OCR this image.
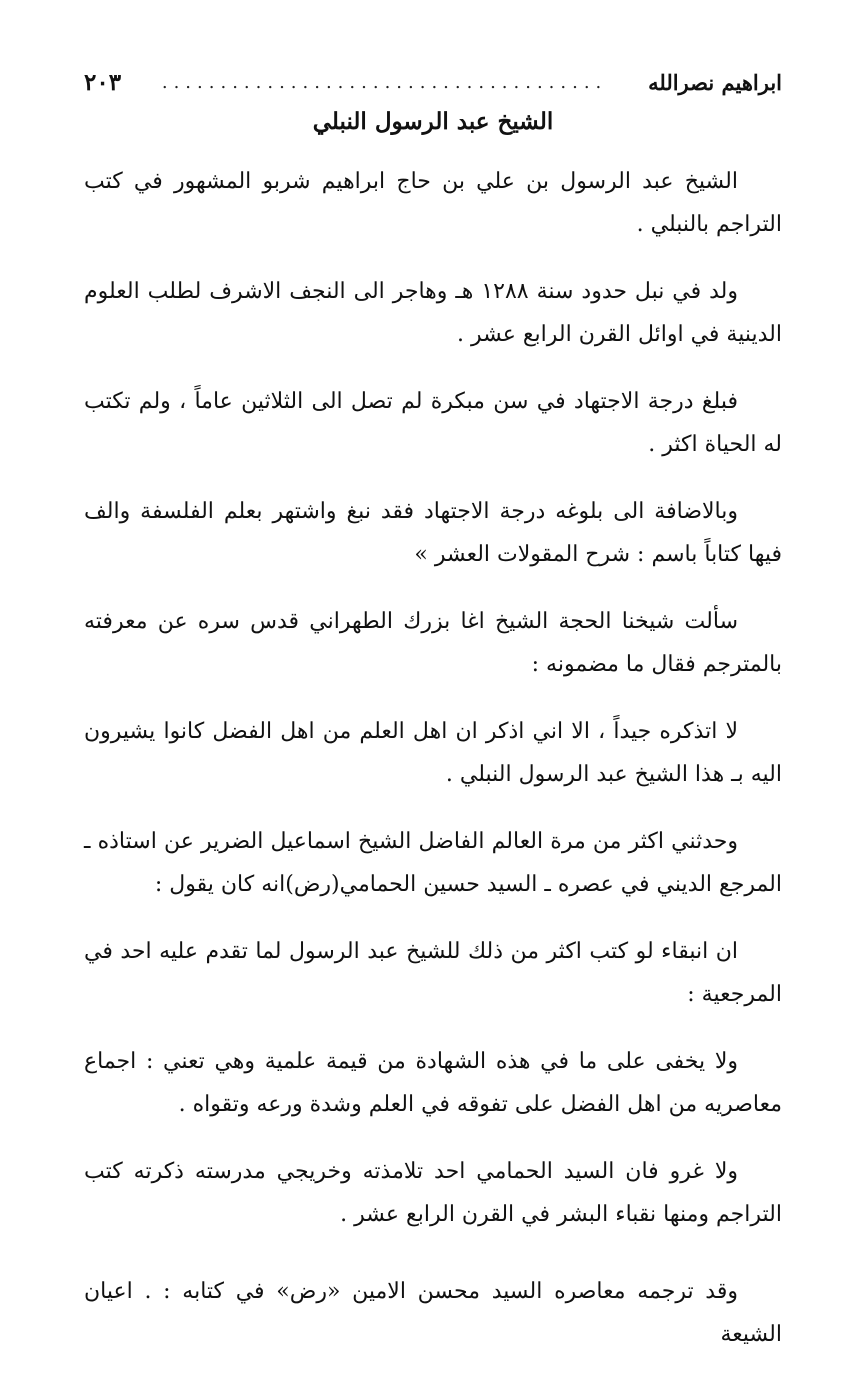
ابراهيم نصرالله
......................................
٢٠٣
الشيخ عبد الرسول النبلي

الشيخ عبد الرسول بن علي بن حاج ابراهيم شربو المشهور في كتب التراجم بالنبلي .

ولد في نبل حدود سنة ١٢٨٨ هـ وهاجر الى النجف الاشرف لطلب العلوم الدينية في اوائل القرن الرابع عشر .

فبلغ درجة الاجتهاد في سن مبكرة لم تصل الى الثلاثين عاماً ، ولم تكتب له الحياة اكثر .

وبالاضافة الى بلوغه درجة الاجتهاد فقد نبغ واشتهر بعلم الفلسفة والف فيها كتاباً باسم : شرح المقولات العشر »

سألت شيخنا الحجة الشيخ اغا بزرك الطهراني قدس سره عن معرفته بالمترجم فقال ما مضمونه :

لا اتذكره جيداً ، الا اني اذكر ان اهل العلم من اهل الفضل كانوا يشيرون اليه بـ هذا الشيخ عبد الرسول النبلي .

وحدثني اكثر من مرة العالم الفاضل الشيخ اسماعيل الضرير عن استاذه ـ المرجع الديني في عصره ـ السيد حسين الحمامي(رض)انه كان يقول :

ان انبقاء لو كتب اكثر من ذلك للشيخ عبد الرسول لما تقدم عليه احد في المرجعية :

ولا يخفى على ما في هذه الشهادة من قيمة علمية وهي تعني : اجماع معاصريه من اهل الفضل على تفوقه في العلم وشدة ورعه وتقواه .

ولا غرو فان السيد الحمامي احد تلامذته وخريجي مدرسته ذكرته كتب التراجم ومنها نقباء البشر في القرن الرابع عشر .

وقد ترجمه معاصره السيد محسن الامين «رض» في كتابه : . اعيان الشيعة
